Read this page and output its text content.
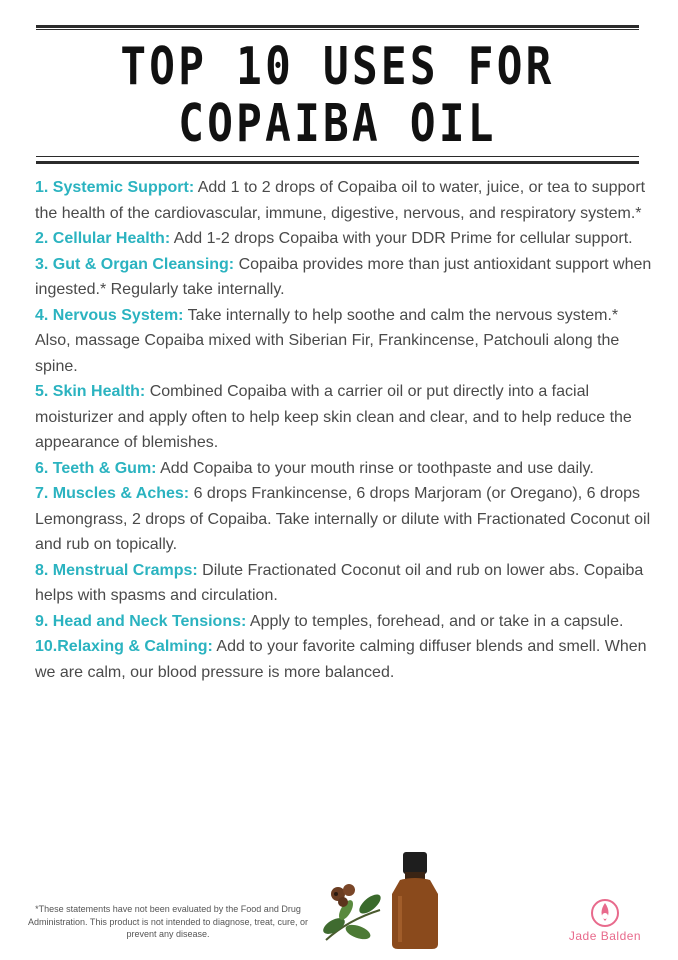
TOP 10 USES FOR
COPAIBA OIL

1. Systemic Support: Add 1 to 2 drops of Copaiba oil to water, juice, or tea to support the health of the cardiovascular, immune, digestive, nervous, and respiratory system.*

2. Cellular Health: Add 1-2 drops Copaiba with your DDR Prime for cellular support.

3. Gut & Organ Cleansing: Copaiba provides more than just antioxidant support when ingested.* Regularly take internally.

4. Nervous System: Take internally to help soothe and calm the nervous system.* Also, massage Copaiba mixed with Siberian Fir, Frankincense, Patchouli along the spine.

5. Skin Health: Combined Copaiba with a carrier oil or put directly into a facial moisturizer and apply often to help keep skin clean and clear, and to help reduce the appearance of blemishes.

6. Teeth & Gum: Add Copaiba to your mouth rinse or toothpaste and use daily.

7. Muscles & Aches: 6 drops Frankincense, 6 drops Marjoram (or Oregano), 6 drops Lemongrass, 2 drops of Copaiba. Take internally or dilute with Fractionated Coconut oil and rub on topically.

8. Menstrual Cramps: Dilute Fractionated Coconut oil and rub on lower abs. Copaiba helps with spasms and circulation.

9. Head and Neck Tensions: Apply to temples, forehead, and or take in a capsule.

10.Relaxing & Calming: Add to your favorite calming diffuser blends and smell. When we are calm, our blood pressure is more balanced.

*These statements have not been evaluated by the Food and Drug Administration. This product is not intended to diagnose, treat, cure, or prevent any disease.	Jade Balden
